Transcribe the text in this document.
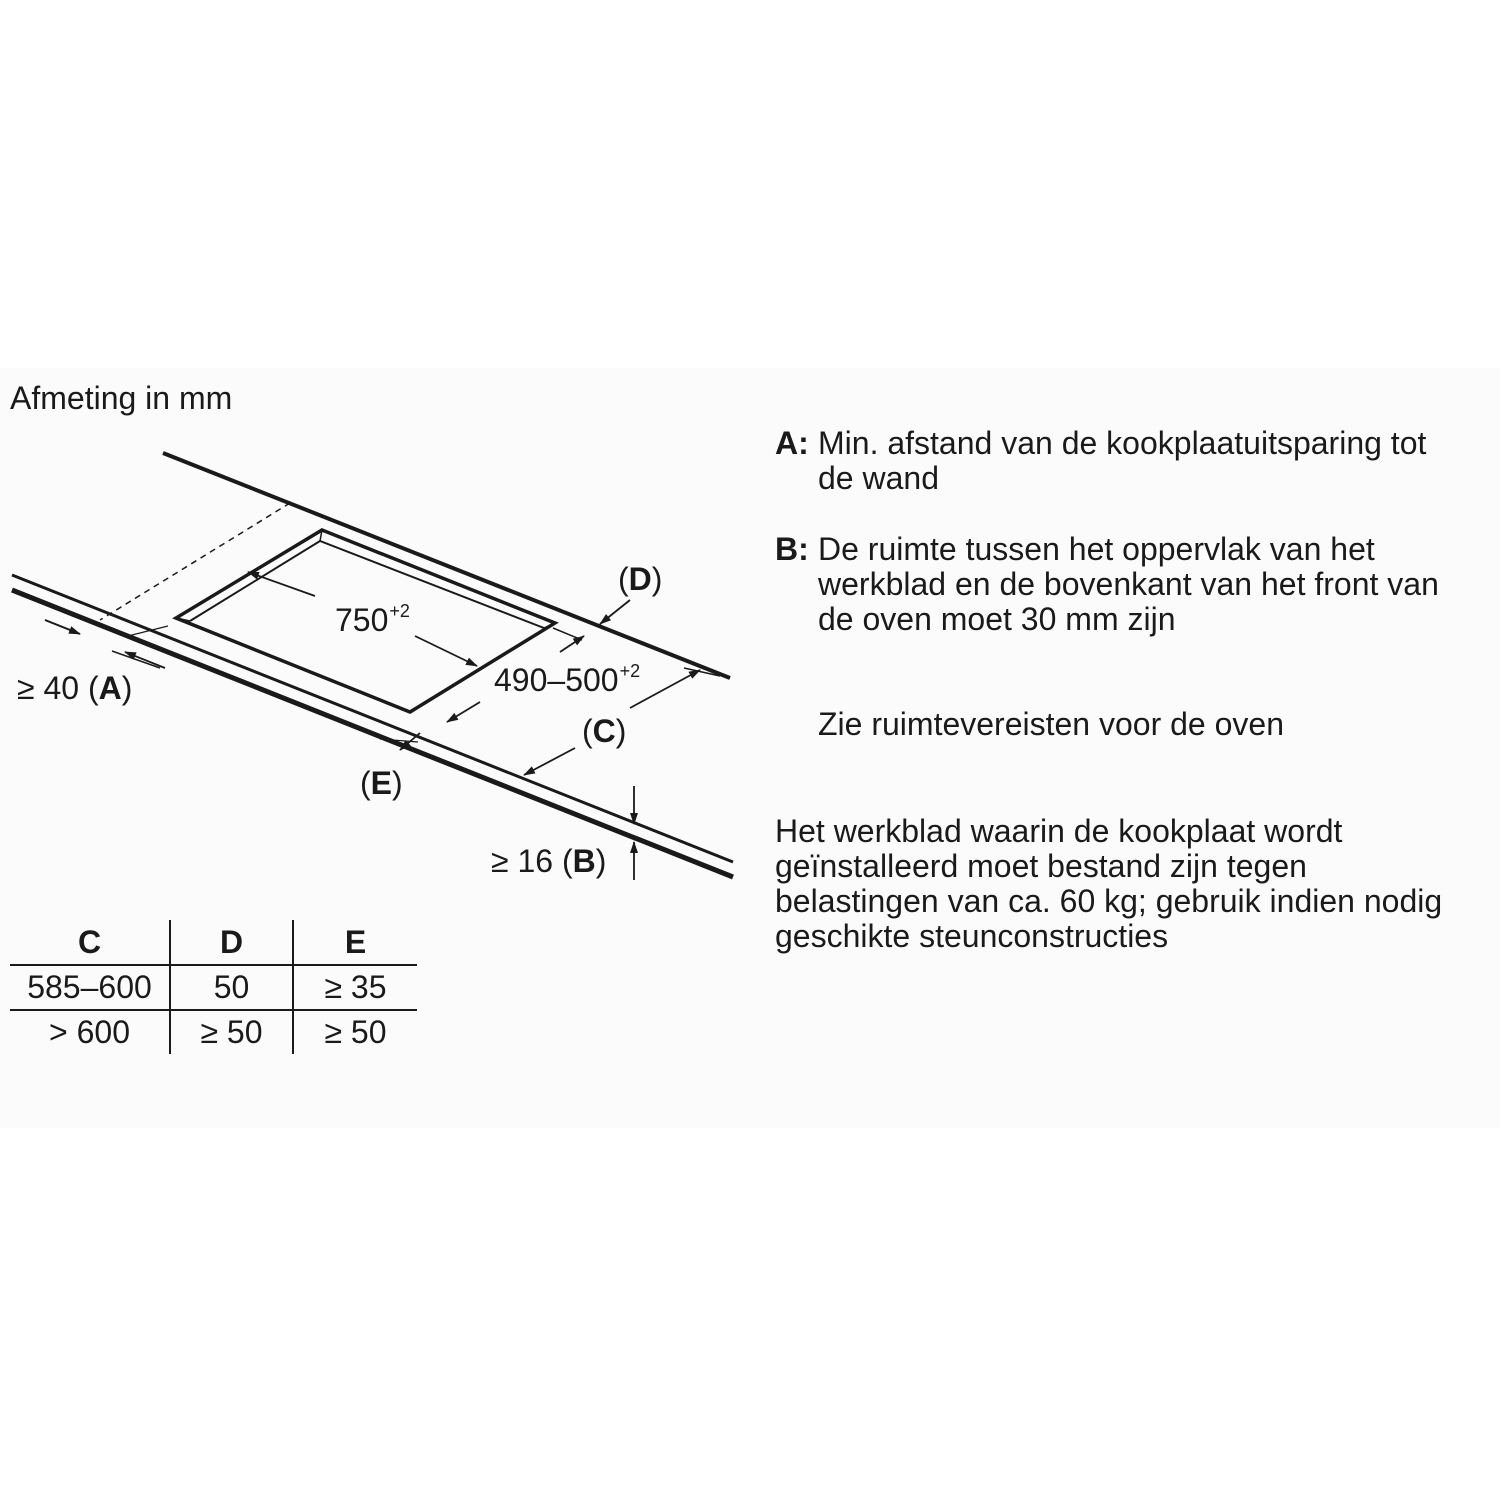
Afmeting in mm
$750^{+2}$
$490-500^{+2}$
(D)
(C)
(E)
≥ 40 (A)
≥ 16 (B)
A: Min. afstand van de kookplaatuitsparing tot de wand
B: De ruimte tussen het oppervlak van het werkblad en de bovenkant van het front van de oven moet 30 mm zijn
Zie ruimtevereisten voor de oven
Het werkblad waarin de kookplaat wordt geïnstalleerd moet bestand zijn tegen belastingen van ca. 60 kg; gebruik indien nodig geschikte steunconstructies
C	D	E
585–600	50	≥ 35
> 600	≥ 50	≥ 50
